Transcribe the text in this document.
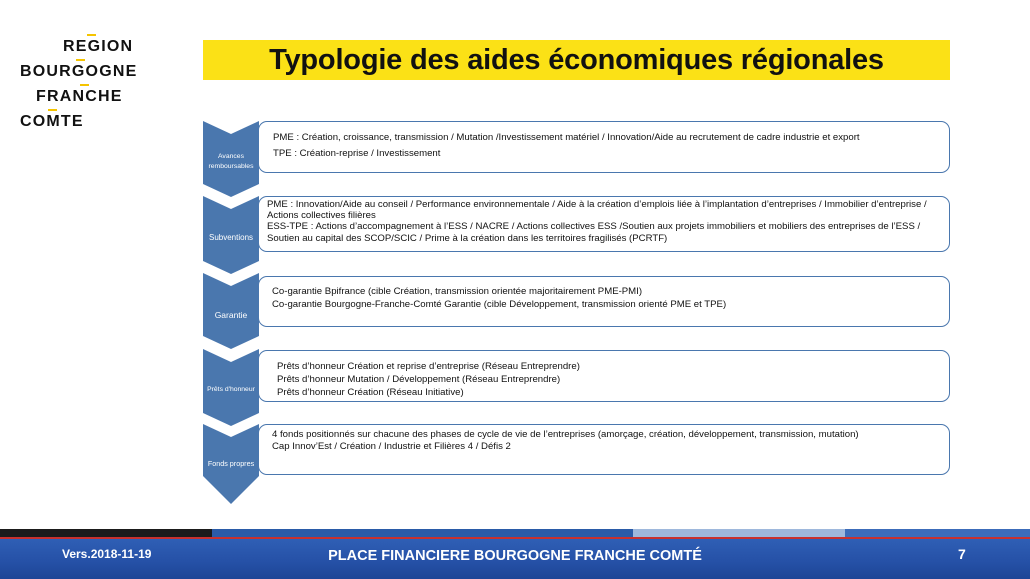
REGION
BOURGOGNE
FRANCHE
COMTE
Typologie des aides économiques régionales
Avances remboursables
PME : Création, croissance, transmission / Mutation /Investissement matériel / Innovation/Aide au recrutement de cadre industrie et export
TPE : Création-reprise / Investissement
Subventions
PME : Innovation/Aide au conseil / Performance environnementale / Aide à la création d’emplois liée à l’implantation d’entreprises / Immobilier d’entreprise / Actions collectives filières
ESS-TPE : Actions d’accompagnement à l’ESS / NACRE / Actions collectives ESS /Soutien aux projets immobiliers et mobiliers des entreprises de l’ESS / Soutien au capital des SCOP/SCIC / Prime à la création dans les territoires fragilisés (PCRTF)
Garantie
Co-garantie Bpifrance (cible Création, transmission orientée majoritairement PME-PMI)
Co-garantie Bourgogne-Franche-Comté Garantie (cible Développement, transmission orienté PME et TPE)
Prêts d'honneur
Prêts d’honneur Création et reprise d’entreprise (Réseau Entreprendre)
Prêts d’honneur Mutation / Développement (Réseau Entreprendre)
Prêts d’honneur Création (Réseau Initiative)
Fonds propres
4 fonds positionnés sur chacune des phases de cycle de vie de l’entreprises (amorçage, création, développement, transmission, mutation)
Cap Innov’Est / Création / Industrie et Filières 4 / Défis 2
Vers.2018-11-19	PLACE FINANCIERE BOURGOGNE FRANCHE COMTÉ	7
